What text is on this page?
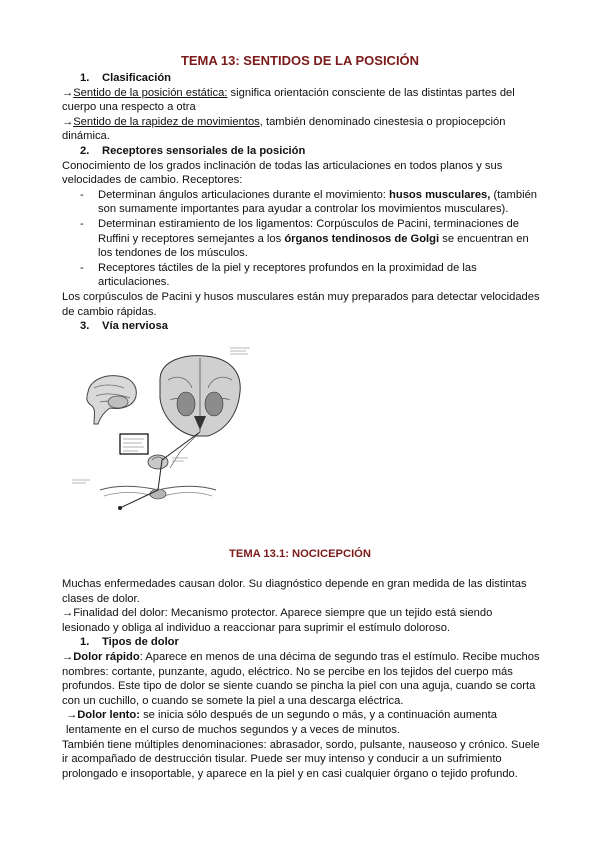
TEMA 13: SENTIDOS DE LA POSICIÓN
1. Clasificación

→Sentido de la posición estática: significa orientación consciente de las distintas partes del cuerpo una respecto a otra

→Sentido de la rapidez de movimientos, también denominado cinestesia o propiocepción dinámica.

2. Receptores sensoriales de la posición

Conocimiento de los grados inclinación de todas las articulaciones en todos planos y sus velocidades de cambio. Receptores:

- Determinan ángulos articulaciones durante el movimiento: husos musculares, (también son sumamente importantes para ayudar a controlar los movimientos musculares).
- Determinan estiramiento de los ligamentos: Corpúsculos de Pacini, terminaciones de Ruffini y receptores semejantes a los órganos tendinosos de Golgi se encuentran en los tendones de los músculos.
- Receptores táctiles de la piel y receptores profundos en la proximidad de las articulaciones.

Los corpúsculos de Pacini y husos musculares están muy preparados para detectar velocidades de cambio rápidas.

3. Vía nerviosa
TEMA 13.1: NOCICEPCIÓN

Muchas enfermedades causan dolor. Su diagnóstico depende en gran medida de las distintas clases de dolor.

→Finalidad del dolor: Mecanismo protector. Aparece siempre que un tejido está siendo lesionado y obliga al individuo a reaccionar para suprimir el estímulo doloroso.

1. Tipos de dolor

→Dolor rápido: Aparece en menos de una décima de segundo tras el estímulo. Recibe muchos nombres: cortante, punzante, agudo, eléctrico. No se percibe en los tejidos del cuerpo más profundos. Este tipo de dolor se siente cuando se pincha la piel con una aguja, cuando se corta con un cuchillo, o cuando se somete la piel a una descarga eléctrica.

→Dolor lento: se inicia sólo después de un segundo o más, y a continuación aumenta lentamente en el curso de muchos segundos y a veces de minutos.

También tiene múltiples denominaciones: abrasador, sordo, pulsante, nauseoso y crónico. Suele ir acompañado de destrucción tisular. Puede ser muy intenso y conducir a un sufrimiento prolongado e insoportable, y aparece en la piel y en casi cualquier órgano o tejido profundo.
